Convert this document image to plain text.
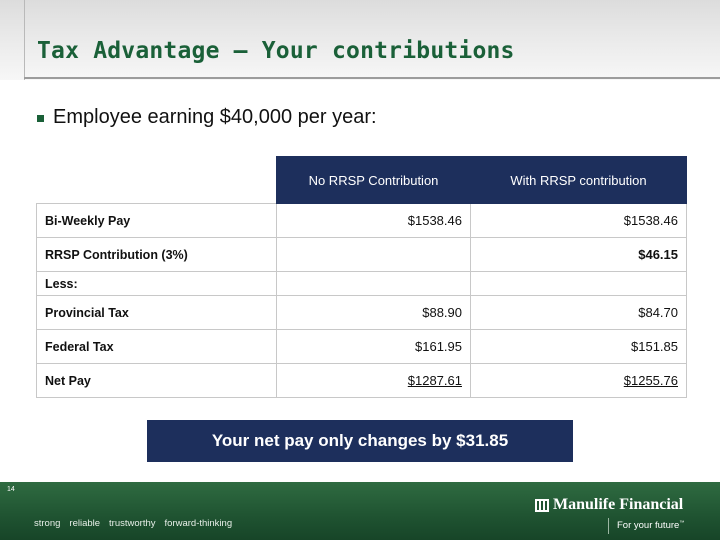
Tax Advantage – Your contributions
Employee earning $40,000 per year:
	No RRSP Contribution	With RRSP contribution
Bi-Weekly Pay	$1538.46	$1538.46
RRSP Contribution (3%)		$46.15
Less:		
Provincial Tax	$88.90	$84.70
Federal Tax	$161.95	$151.85
Net Pay	$1287.61	$1255.76
Your net pay only changes by $31.85
14
strong reliable trustworthy forward-thinking
Manulife Financial
For your future™
